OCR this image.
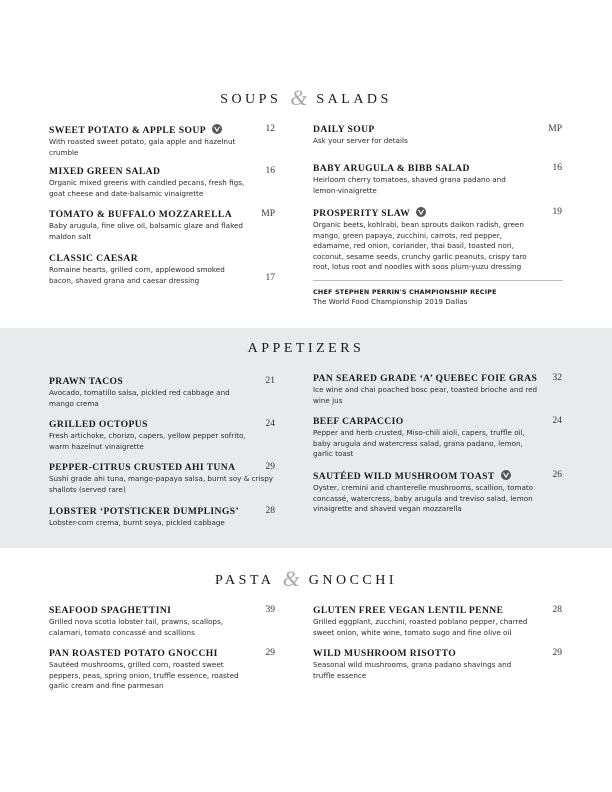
SOUPS & SALADS
SWEET POTATO & APPLE SOUP
With roasted sweet potato, gala apple and hazelnut crumble
12
MIXED GREEN SALAD
Organic mixed greens with candied pecans, fresh figs, goat cheese and date-balsamic vinaigrette
16
TOMATO & BUFFALO MOZZARELLA
Baby arugula, fine olive oil, balsamic glaze and flaked maldon salt
MP
CLASSIC CAESAR
Romaine hearts, grilled corn, applewood smoked bacon, shaved grana and caesar dressing	17
DAILY SOUP
Ask your server for details
MP
BABY ARUGULA & BIBB SALAD
Heirloom cherry tomatoes, shaved grana padano and lemon-vinaigrette
16
PROSPERITY SLAW
Organic beets, kohlrabi, bean sprouts daikon radish, green mango, green papaya, zucchini, carrots, red pepper, edamame, red onion, coriander, thai basil, toasted nori, coconut, sesame seeds, crunchy garlic peanuts, crispy taro root, lotus root and noodles with soos plum-yuzu dressing
19
CHEF STEPHEN PERRIN'S CHAMPIONSHIP RECIPE
The World Food Championship 2019 Dallas
APPETIZERS
PRAWN TACOS
Avocado, tomatillo salsa, pickled red cabbage and mango crema
21
GRILLED OCTOPUS
Fresh artichoke, chorizo, capers, yellow pepper sofrito, warm hazelnut vinaigrette
24
PEPPER-CITRUS CRUSTED AHI TUNA
Sushi grade ahi tuna, mango-papaya salsa, burnt soy & crispy shallots (served rare)
29
LOBSTER ‘POTSTICKER DUMPLINGS’
Lobster-corn crema, burnt soya, pickled cabbage
28
PAN SEARED GRADE ‘A’ QUEBEC FOIE GRAS
Ice wine and chai poached bosc pear, toasted brioche and red wine jus
32
BEEF CARPACCIO
Pepper and herb crusted, Miso-chili aioli, capers, truffle oil, baby arugula and watercress salad, grana padano, lemon, garlic toast
24
SAUTÉED WILD MUSHROOM TOAST
Oyster, cremini and chanterelle mushrooms, scallion, tomato concassé, watercress, baby arugula and treviso salad, lemon vinaigrette and shaved vegan mozzarella
26
PASTA & GNOCCHI
SEAFOOD SPAGHETTINI
Grilled nova scotia lobster tail, prawns, scallops, calamari, tomato concassé and scallions
39
PAN ROASTED POTATO GNOCCHI
Sautéed mushrooms, grilled corn, roasted sweet peppers, peas, spring onion, truffle essence, roasted garlic cream and fine parmesan
29
GLUTEN FREE VEGAN LENTIL PENNE
Grilled eggplant, zucchini, roasted poblano pepper, charred sweet onion, white wine, tomato sugo and fine olive oil
28
WILD MUSHROOM RISOTTO
Seasonal wild mushrooms, grana padano shavings and truffle essence
29
